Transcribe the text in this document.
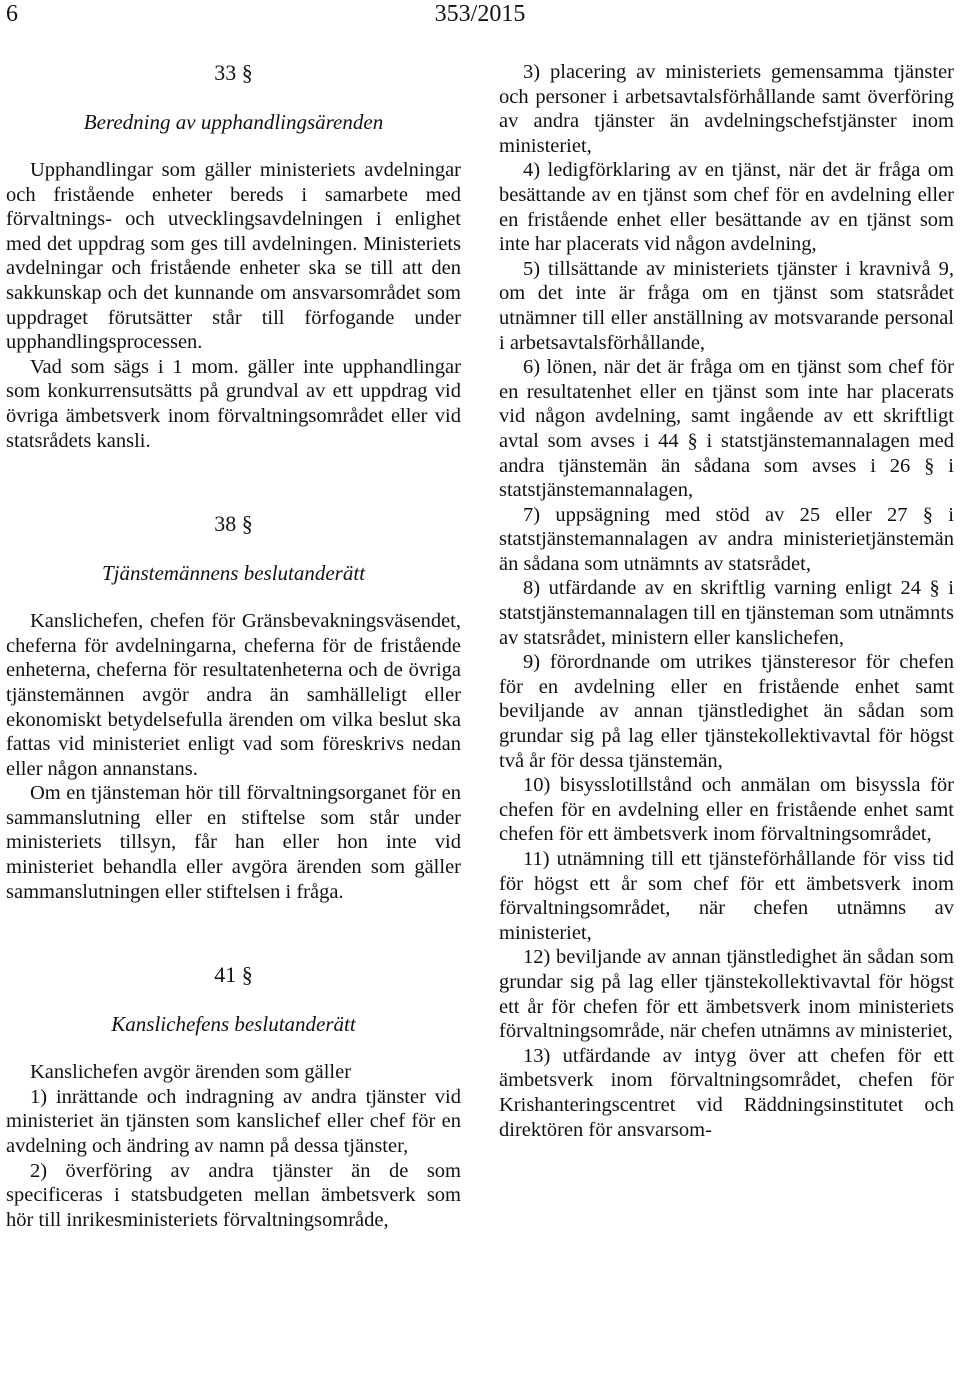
6	353/2015
33 §
Beredning av upphandlingsärenden

Upphandlingar som gäller ministeriets avdelningar och fristående enheter bereds i samarbete med förvaltnings- och utvecklingsavdelningen i enlighet med det uppdrag som ges till avdelningen. Ministeriets avdelningar och fristående enheter ska se till att den sakkunskap och det kunnande om ansvarsområdet som uppdraget förutsätter står till förfogande under upphandlingsprocessen.

Vad som sägs i 1 mom. gäller inte upphandlingar som konkurrensutsätts på grundval av ett uppdrag vid övriga ämbetsverk inom förvaltningsområdet eller vid statsrådets kansli.

38 §
Tjänstemännens beslutanderätt

Kanslichefen, chefen för Gränsbevakningsväsendet, cheferna för avdelningarna, cheferna för de fristående enheterna, cheferna för resultatenheterna och de övriga tjänstemännen avgör andra än samhälleligt eller ekonomiskt betydelsefulla ärenden om vilka beslut ska fattas vid ministeriet enligt vad som föreskrivs nedan eller någon annanstans.

Om en tjänsteman hör till förvaltningsorganet för en sammanslutning eller en stiftelse som står under ministeriets tillsyn, får han eller hon inte vid ministeriet behandla eller avgöra ärenden som gäller sammanslutningen eller stiftelsen i fråga.

41 §
Kanslichefens beslutanderätt

Kanslichefen avgör ärenden som gäller

1) inrättande och indragning av andra tjänster vid ministeriet än tjänsten som kanslichef eller chef för en avdelning och ändring av namn på dessa tjänster,

2) överföring av andra tjänster än de som specificeras i statsbudgeten mellan ämbetsverk som hör till inrikesministeriets förvaltningsområde,

3) placering av ministeriets gemensamma tjänster och personer i arbetsavtalsförhållande samt överföring av andra tjänster än avdelningschefstjänster inom ministeriet,

4) ledigförklaring av en tjänst, när det är fråga om besättande av en tjänst som chef för en avdelning eller en fristående enhet eller besättande av en tjänst som inte har placerats vid någon avdelning,

5) tillsättande av ministeriets tjänster i kravnivå 9, om det inte är fråga om en tjänst som statsrådet utnämner till eller anställning av motsvarande personal i arbetsavtalsförhållande,

6) lönen, när det är fråga om en tjänst som chef för en resultatenhet eller en tjänst som inte har placerats vid någon avdelning, samt ingående av ett skriftligt avtal som avses i 44 § i statstjänstemannalagen med andra tjänstemän än sådana som avses i 26 § i statstjänstemannalagen,

7) uppsägning med stöd av 25 eller 27 § i statstjänstemannalagen av andra ministerietjänstemän än sådana som utnämnts av statsrådet,

8) utfärdande av en skriftlig varning enligt 24 § i statstjänstemannalagen till en tjänsteman som utnämnts av statsrådet, ministern eller kanslichefen,

9) förordnande om utrikes tjänsteresor för chefen för en avdelning eller en fristående enhet samt beviljande av annan tjänstledighet än sådan som grundar sig på lag eller tjänstekollektivavtal för högst två år för dessa tjänstemän,

10) bisysslotillstånd och anmälan om bisyssla för chefen för en avdelning eller en fristående enhet samt chefen för ett ämbetsverk inom förvaltningsområdet,

11) utnämning till ett tjänsteförhållande för viss tid för högst ett år som chef för ett ämbetsverk inom förvaltningsområdet, när chefen utnämns av ministeriet,

12) beviljande av annan tjänstledighet än sådan som grundar sig på lag eller tjänstekollektivavtal för högst ett år för chefen för ett ämbetsverk inom ministeriets förvaltningsområde, när chefen utnämns av ministeriet,

13) utfärdande av intyg över att chefen för ett ämbetsverk inom förvaltningsområdet, chefen för Krishanteringscentret vid Räddningsinstitutet och direktören för ansvarsom-
